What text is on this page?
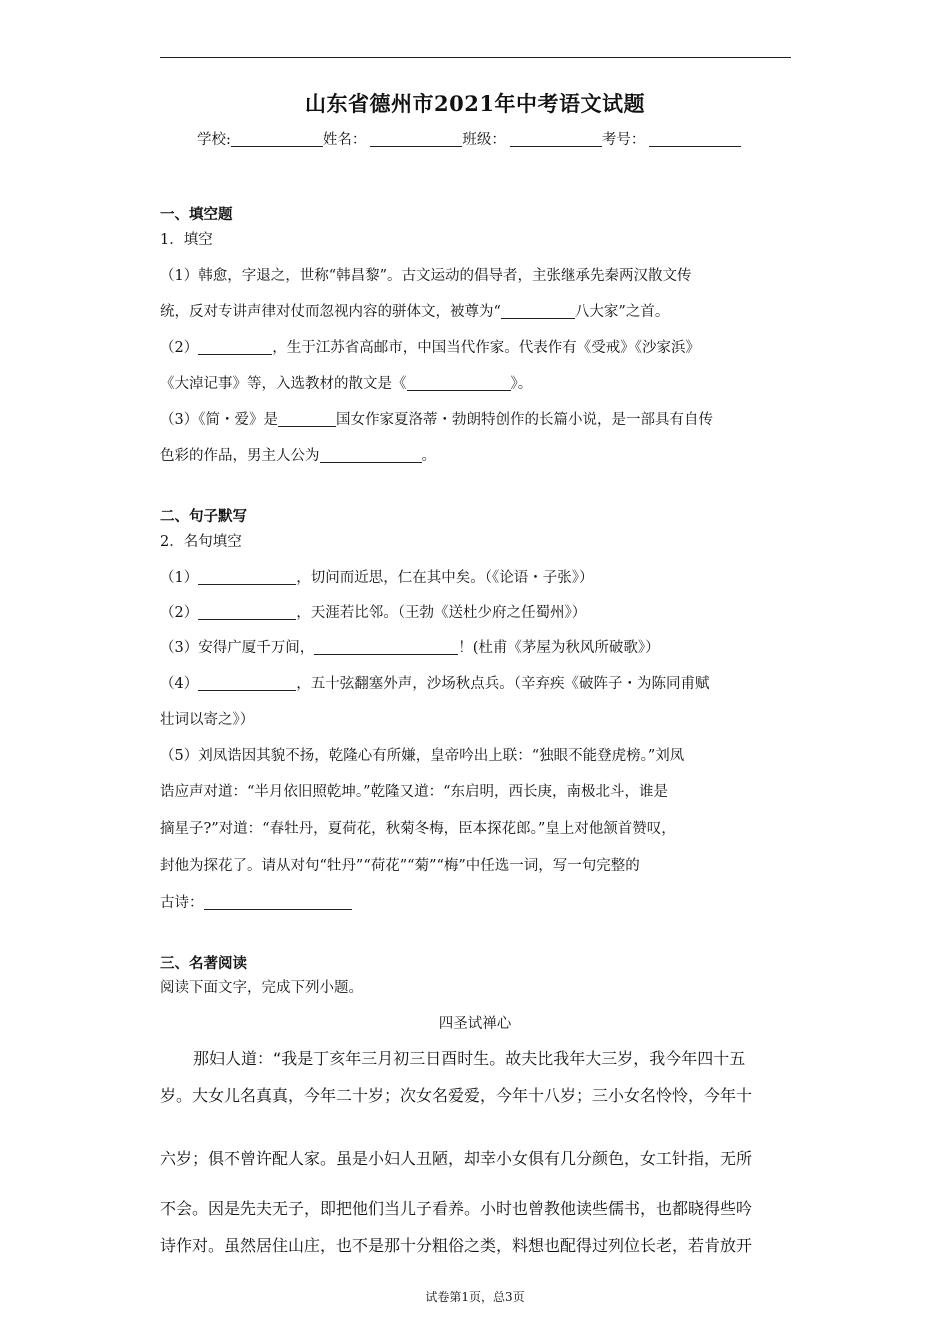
山东省德州市2021年中考语文试题
学校:	姓名：	班级：	考号：
一、填空题
1．填空
（1）韩愈，字退之，世称“韩昌黎”。古文运动的倡导者，主张继承先秦两汉散文传
统，反对专讲声律对仗而忽视内容的骈体文，被尊为“	八大家”之首。
（2）	，生于江苏省高邮市，中国当代作家。代表作有《受戒》《沙家浜》
《大淖记事》等，入选教材的散文是《	》。
（3）《简・爱》是	国女作家夏洛蒂・勃朗特创作的长篇小说，是一部具有自传
色彩的作品，男主人公为	。
二、句子默写
2．名句填空
（1）	，切问而近思，仁在其中矣。（《论语・子张》）
（2）	，天涯若比邻。（王勃《送杜少府之任蜀州》）
（3）安得广厦千万间，	！(杜甫《茅屋为秋风所破歌》）
（4）	，五十弦翻塞外声，沙场秋点兵。（辛弃疾《破阵子・为陈同甫赋
壮词以寄之》）
（5）刘凤诰因其貌不扬，乾隆心有所嫌，皇帝吟出上联：“独眼不能登虎榜。”刘凤
诰应声对道：“半月依旧照乾坤。”乾隆又道：“东启明，西长庚，南极北斗，谁是
摘星子?”对道：“春牡丹，夏荷花，秋菊冬梅，臣本探花郎。”皇上对他颔首赞叹，
封他为探花了。请从对句“牡丹”“荷花”“菊”“梅”中任选一词，写一句完整的
古诗：
三、名著阅读
阅读下面文字，完成下列小题。
四圣试禅心
那妇人道：“我是丁亥年三月初三日酉时生。故夫比我年大三岁，我今年四十五
岁。大女儿名真真，今年二十岁；次女名爱爱，今年十八岁；三小女名怜怜，今年十
六岁；俱不曾许配人家。虽是小妇人丑陋，却幸小女俱有几分颜色，女工针指，无所
不会。因是先夫无子，即把他们当儿子看养。小时也曾教他读些儒书，也都晓得些吟
诗作对。虽然居住山庄，也不是那十分粗俗之类，料想也配得过列位长老，若肯放开
试卷第1页，总3页
